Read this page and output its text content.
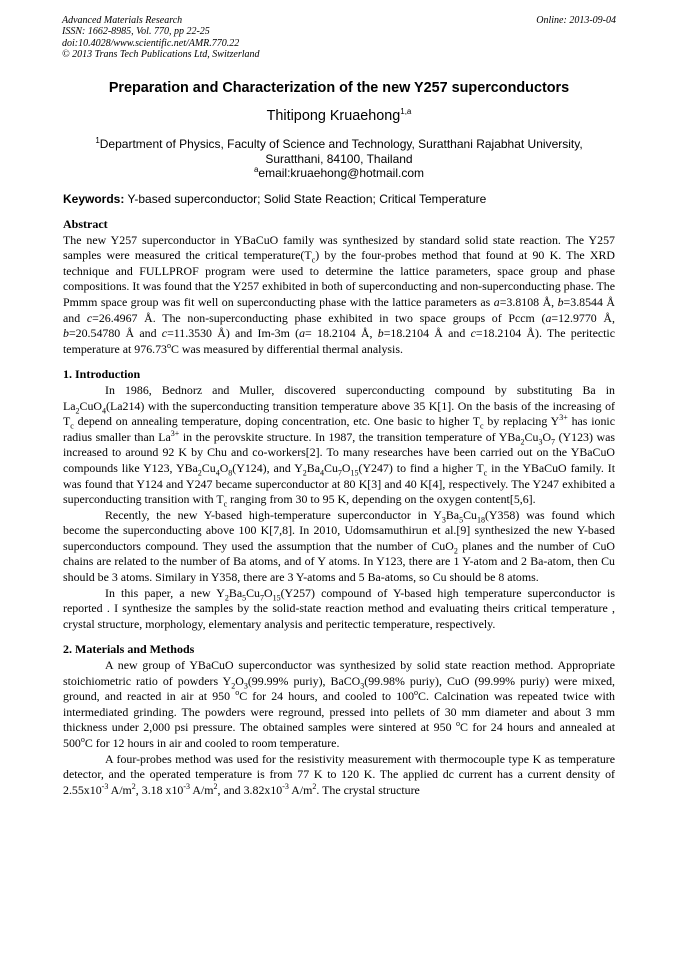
Advanced Materials Research
ISSN: 1662-8985, Vol. 770, pp 22-25
doi:10.4028/www.scientific.net/AMR.770.22
© 2013 Trans Tech Publications Ltd, Switzerland
Online: 2013-09-04
Preparation and Characterization of the new Y257 superconductors
Thitipong Kruaehong$^{1,a}$
$^1$Department of Physics, Faculty of Science and Technology, Suratthani Rajabhat University,
Suratthani, 84100, Thailand
$^a$email:kruaehong@hotmail.com
Keywords: Y-based superconductor; Solid State Reaction; Critical Temperature
Abstract

The new Y257 superconductor in YBaCuO family was synthesized by standard solid state reaction. The Y257 samples were measured the critical $temperature(T_c)$ by the four-probes method that found at 90 K. The XRD technique and FULLPROF program were used to determine the lattice parameters, space group and phase compositions. It was found that the Y257 exhibited in both of superconducting and non-superconducting phase. The Pmmm space group was fit well on superconducting phase with the lattice parameters as a=3.8108 Å, b=3.8544 Å and c=26.4967 Å. The non-superconducting phase exhibited in two space groups of Pccm (a=12.9770 Å, b=20.54780 Å and c=11.3530 Å) and Im-3m (a= 18.2104 Å, b=18.2104 Å and c=18.2104 Å). The peritectic temperature at 976.73$^o$C was measured by differential thermal analysis.

1. Introduction

In 1986, Bednorz and Muller, discovered superconducting compound by substituting Ba in $La_2CuO_4(La214)$ with the superconducting transition temperature above 35 K[1]. On the basis of the increasing of $T_c$ depend on annealing temperature, doping concentration, etc. One basic to higher $T_c$ by replacing $Y^{3+}$ has ionic radius smaller than $La^{3+}$ in the perovskite structure. In 1987, the transition temperature of $YBa_2Cu_3O_7$ (Y123) was increased to around 92 K by Chu and co-workers[2]. To many researches have been carried out on the YBaCuO compounds like Y123, $YBa_2Cu_4O_8(Y124)$, and $Y_2Ba_4Cu_7O_{15}(Y247)$ to find a higher $T_c$ in the YBaCuO family. It was found that Y124 and Y247 became superconductor at 80 K[3] and 40 K[4], respectively. The Y247 exhibited a superconducting transition with $T_c$ ranging from 30 to 95 K, depending on the oxygen content[5,6].

Recently, the new Y-based high-temperature superconductor in $Y_3Ba_5Cu_{18}(Y358)$ was found which become the superconducting above 100 K[7,8]. In 2010, Udomsamuthirun et al.[9] synthesized the new Y-based superconductors compound. They used the assumption that the number of CuO$_2$ planes and the number of CuO chains are related to the number of Ba atoms, and of Y atoms. In Y123, there are 1 Y-atom and 2 Ba-atom, then Cu should be 3 atoms. Similary in Y358, there are 3 Y-atoms and 5 Ba-atoms, so Cu should be 8 atoms.

In this paper, a new $Y_2Ba_5Cu_7O_{15}(Y257)$ compound of Y-based high temperature superconductor is reported . I synthesize the samples by the solid-state reaction method and evaluating theirs critical temperature , crystal structure, morphology, elementary analysis and peritectic temperature, respectively.

2. Materials and Methods

A new group of YBaCuO superconductor was synthesized by solid state reaction method. Appropriate stoichiometric ratio of powders $Y_2O_3(99.99\%$ puriy), BaCO$_3$(99.98% puriy), CuO (99.99% puriy) were mixed, ground, and reacted in air at 950 $^o$C for 24 hours, and cooled to 100$^o$C. Calcination was repeated twice with intermediated grinding. The powders were reground, pressed into pellets of 30 mm diameter and about 3 mm thickness under 2,000 psi pressure. The obtained samples were sintered at 950 $^o$C for 24 hours and annealed at 500$^o$C for 12 hours in air and cooled to room temperature.

A four-probes method was used for the resistivity measurement with thermocouple type K as temperature detector, and the operated temperature is from 77 K to 120 K. The applied dc current has a current density of $2.55x10^{-3}$ $A/m^2$, 3.18 $x10^{-3}$ $A/m^2$, and $3.82x10^{-3}$ $A/m^2$. The crystal structure
